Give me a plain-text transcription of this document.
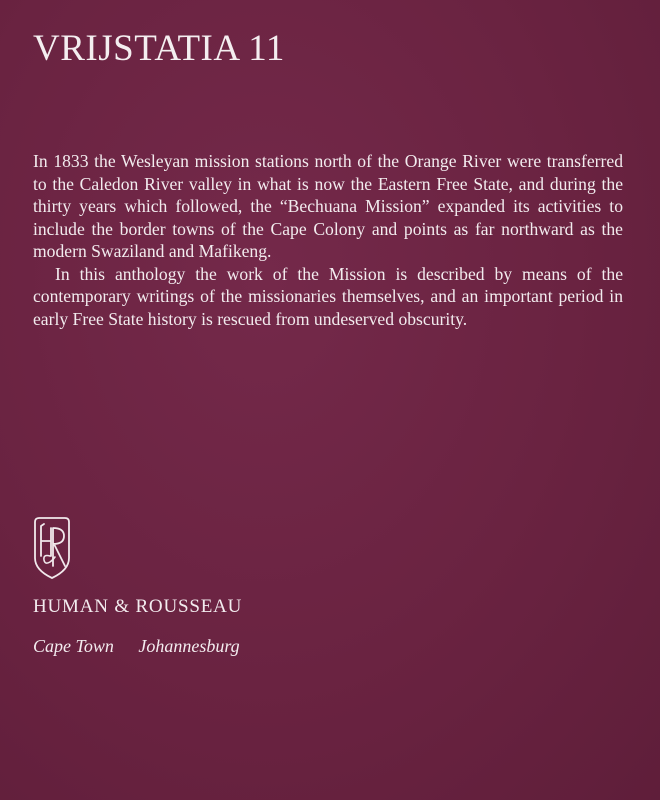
VRIJSTATIA 11

In 1833 the Wesleyan mission stations north of the Orange River were transferred to the Caledon River valley in what is now the Eastern Free State, and during the thirty years which followed, the “Bechuana Mission” expanded its activities to include the border towns of the Cape Colony and points as far northward as the modern Swaziland and Mafikeng.

In this anthology the work of the Mission is described by means of the contemporary writings of the missionaries themselves, and an important period in early Free State history is rescued from undeserved obscurity.

HUMAN & ROUSSEAU
Cape Town Johannesburg
